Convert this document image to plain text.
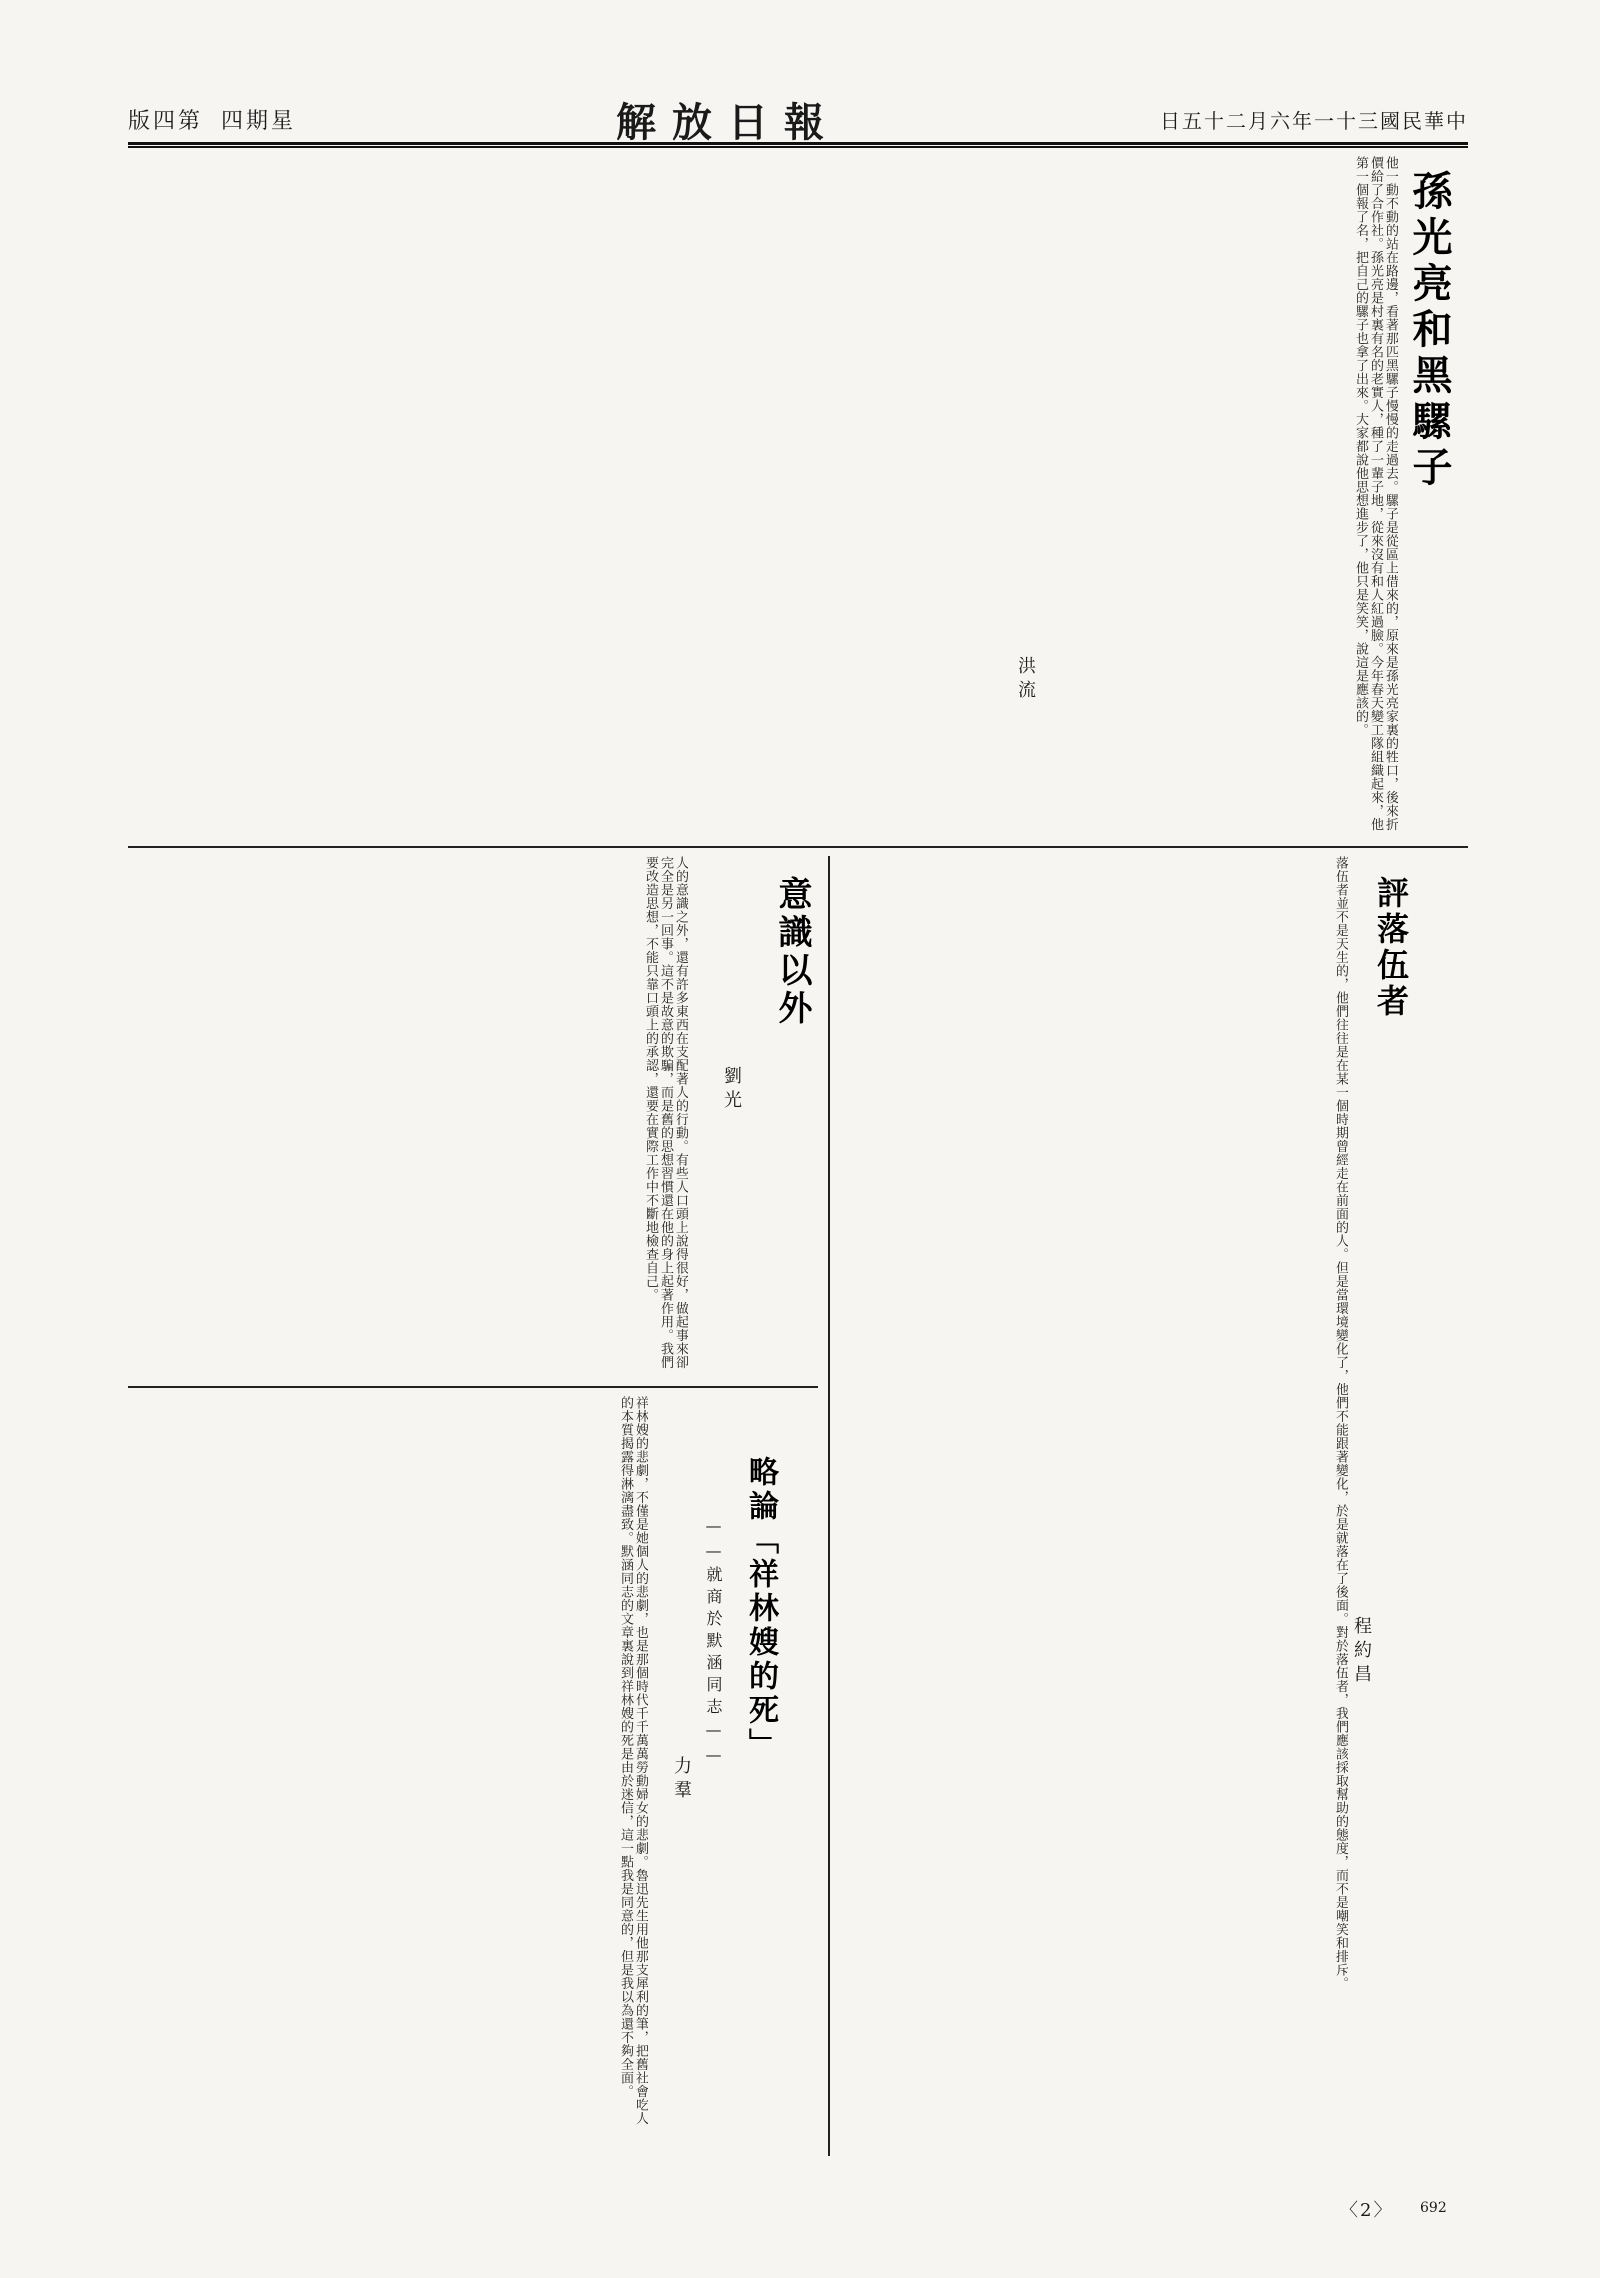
版四第 四期星	解放日報	日五十二月六年一十三國民華中
孫光亮和黑騾子
洪流	他一動不動的站在路邊，看著那匹黑騾子慢慢的走過去。騾子是從區上借來的，原來是孫光亮家裏的牲口，後來折價給了合作社。孫光亮是村裏有名的老實人，種了一輩子地，從來沒有和人紅過臉。今年春天變工隊組織起來，他第一個報了名，把自己的騾子也拿了出來。大家都說他思想進步了，他只是笑笑，說這是應該的。
意識以外
劉光
人的意識之外，還有許多東西在支配著人的行動。有些人口頭上說得很好，做起事來卻完全是另一回事。這不是故意的欺騙，而是舊的思想習慣還在他的身上起著作用。我們要改造思想，不能只靠口頭上的承認，還要在實際工作中不斷地檢查自己。	評落伍者
程約昌
落伍者並不是天生的，他們往往是在某一個時期曾經走在前面的人。但是當環境變化了，他們不能跟著變化，於是就落在了後面。對於落伍者，我們應該採取幫助的態度，而不是嘲笑和排斥。
略論「祥林嫂的死」
——就商於默涵同志——
力羣
祥林嫂的悲劇，不僅是她個人的悲劇，也是那個時代千千萬萬勞動婦女的悲劇。魯迅先生用他那支犀利的筆，把舊社會吃人的本質揭露得淋漓盡致。默涵同志的文章裏說到祥林嫂的死是由於迷信，這一點我是同意的，但是我以為還不夠全面。
〈2〉 692
